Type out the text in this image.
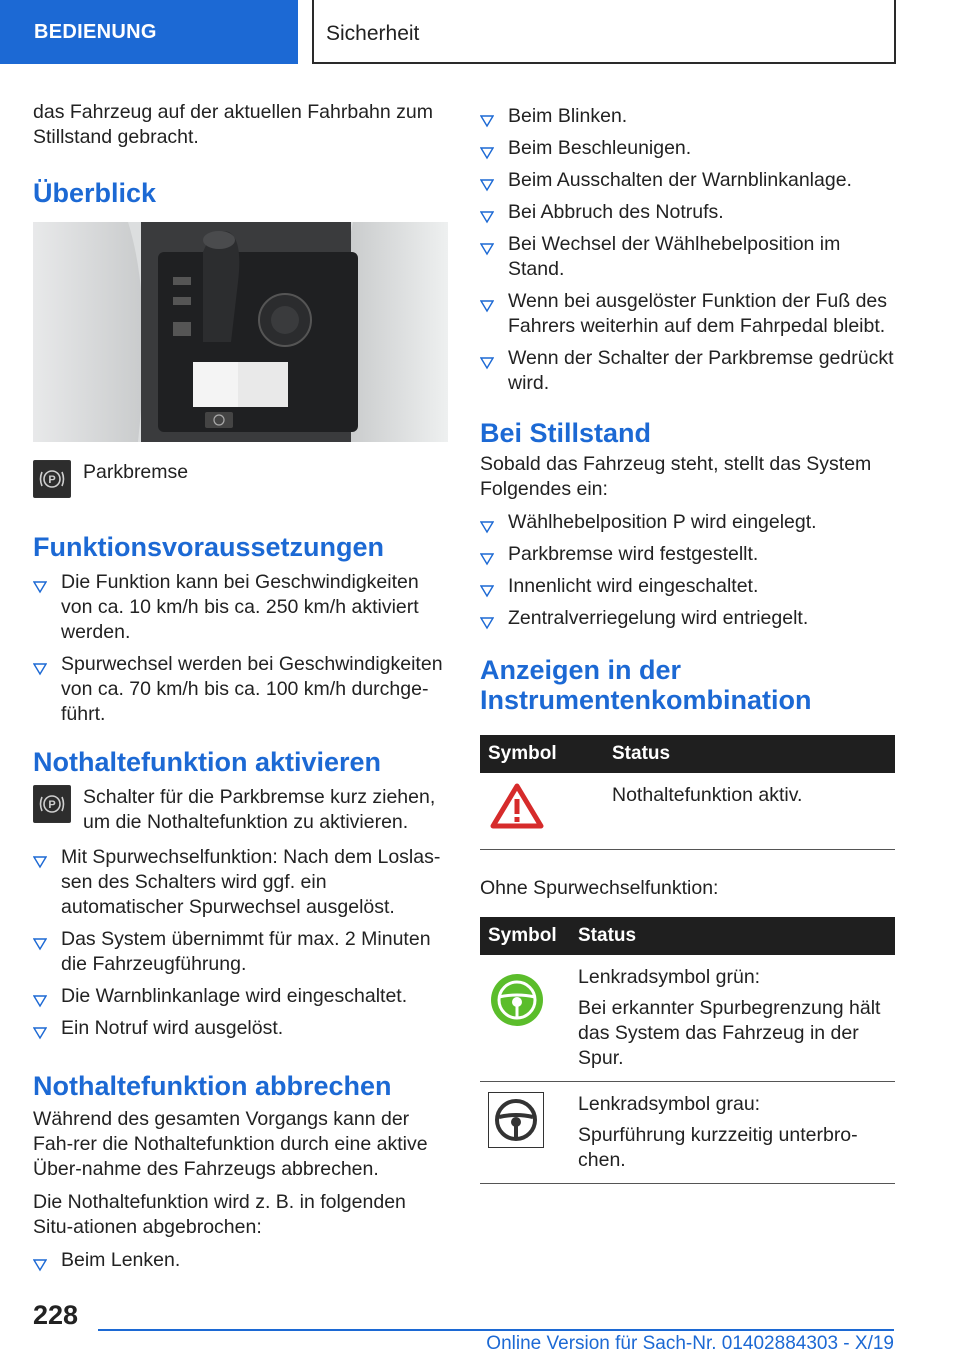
BEDIENUNG	Sicherheit

das Fahrzeug auf der aktuellen Fahrbahn zum Stillstand gebracht.

Überblick
P Parkbremse
Funktionsvoraussetzungen
Die Funktion kann bei Geschwindigkeiten von ca. 10 km/h bis ca. 250 km/h aktiviert werden.
Spurwechsel werden bei Geschwindigkeiten von ca. 70 km/h bis ca. 100 km/h durchge‐führt.
Nothaltefunktion aktivieren
P Schalter für die Parkbremse kurz ziehen, um die Nothaltefunktion zu aktivieren.
Mit Spurwechselfunktion: Nach dem Loslas‐sen des Schalters wird ggf. ein automatischer Spurwechsel ausgelöst.
Das System übernimmt für max. 2 Minuten die Fahrzeugführung.
Die Warnblinkanlage wird eingeschaltet.
Ein Notruf wird ausgelöst.
Nothaltefunktion abbrechen

Während des gesamten Vorgangs kann der Fah‐rer die Nothaltefunktion durch eine aktive Über‐nahme des Fahrzeugs abbrechen.

Die Nothaltefunktion wird z. B. in folgenden Situ‐ationen abgebrochen:

Beim Lenken.
Beim Blinken.
Beim Beschleunigen.
Beim Ausschalten der Warnblinkanlage.
Bei Abbruch des Notrufs.
Bei Wechsel der Wählhebelposition im Stand.
Wenn bei ausgelöster Funktion der Fuß des Fahrers weiterhin auf dem Fahrpedal bleibt.
Wenn der Schalter der Parkbremse gedrückt wird.
Bei Stillstand

Sobald das Fahrzeug steht, stellt das System Folgendes ein:

Wählhebelposition P wird eingelegt.
Parkbremse wird festgestellt.
Innenlicht wird eingeschaltet.
Zentralverriegelung wird entriegelt.
Anzeigen in der Instrumentenkombination
Symbol	Status
	Nothaltefunktion aktiv.

Ohne Spurwechselfunktion:

Symbol	Status

Lenkradsymbol grün:
Bei erkannter Spurbegrenzung hält das System das Fahrzeug in der Spur.

Lenkradsymbol grau:
Spurführung kurzzeitig unterbro‐chen.
228
Online Version für Sach-Nr. 01402884303 - X/19
